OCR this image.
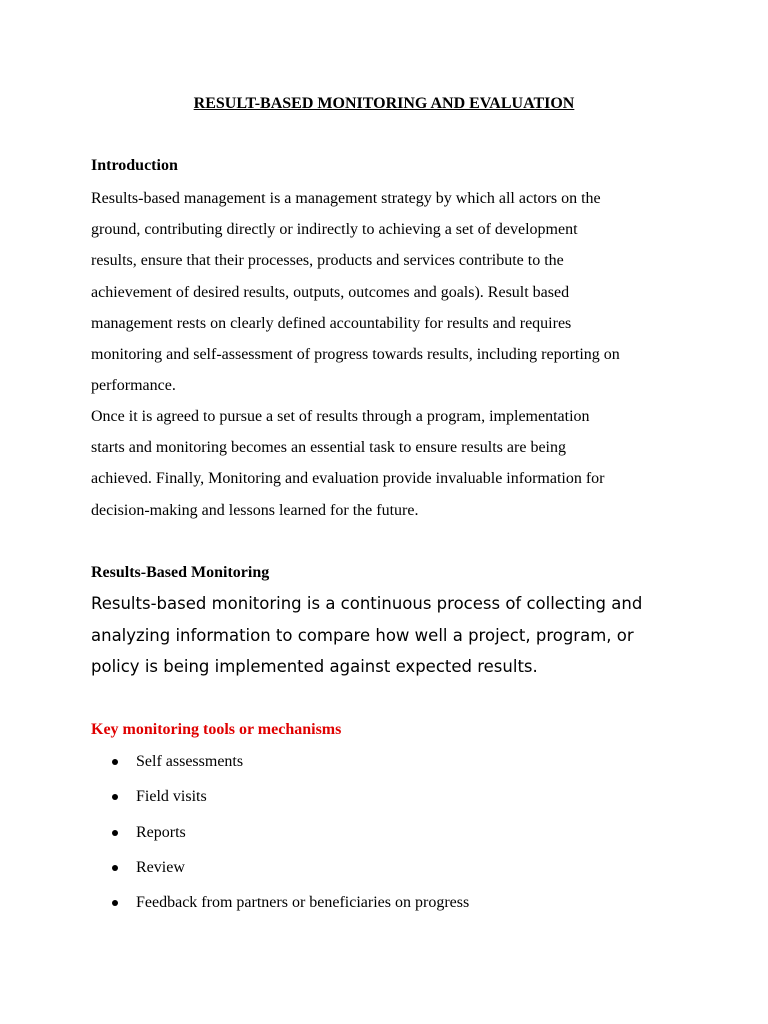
RESULT-BASED MONITORING AND EVALUATION
Introduction
Results-based management is a management strategy by which all actors on the
ground, contributing directly or indirectly to achieving a set of development
results, ensure that their processes, products and services contribute to the
achievement of desired results, outputs, outcomes and goals). Result based
management rests on clearly defined accountability for results and requires
monitoring and self-assessment of progress towards results, including reporting on
performance.
Once it is agreed to pursue a set of results through a program, implementation
starts and monitoring becomes an essential task to ensure results are being
achieved. Finally, Monitoring and evaluation provide invaluable information for
decision-making and lessons learned for the future.
Results-Based Monitoring
Results-based monitoring is a continuous process of collecting and
analyzing information to compare how well a project, program, or
policy is being implemented against expected results.
Key monitoring tools or mechanisms
Self assessments
Field visits
Reports
Review
Feedback from partners or beneficiaries on progress
